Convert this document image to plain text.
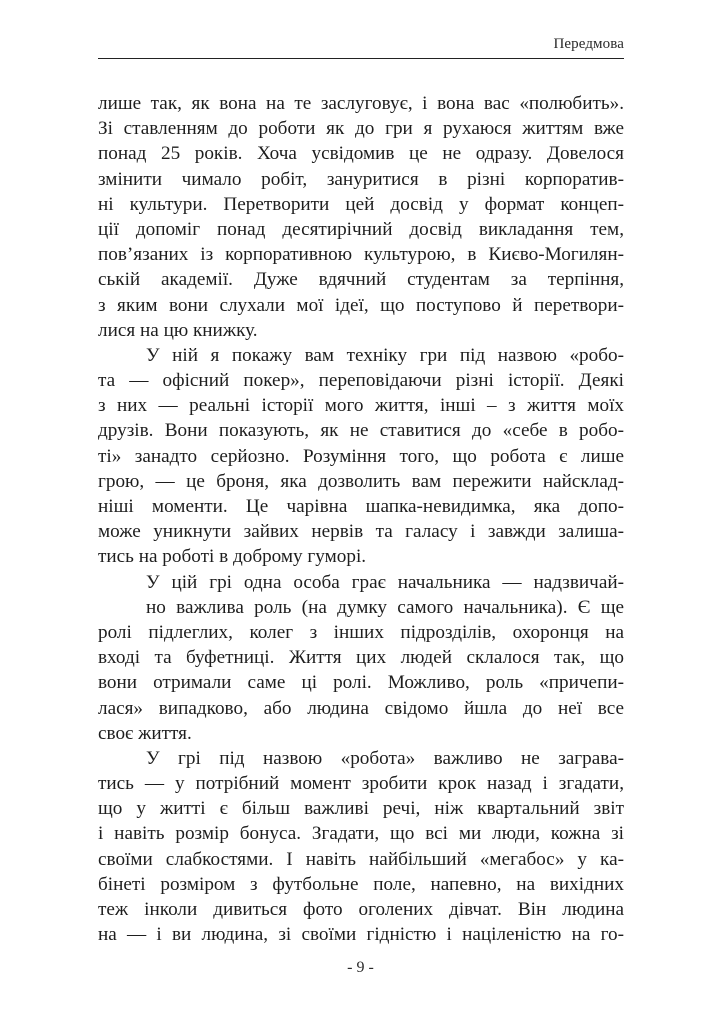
Передмова
лише так, як вона на те заслуговує, і вона вас «полюбить».
Зі ставленням до роботи як до гри я рухаюся життям вже
понад 25 років. Хоча усвідомив це не одразу. Довелося
змінити чимало робіт, зануритися в різні корпоратив-
ні культури. Перетворити цей досвід у формат концеп-
ції допоміг понад десятирічний досвід викладання тем,
пов’язаних із корпоративною культурою, в Києво-Могилян-
ській академії. Дуже вдячний студентам за терпіння,
з яким вони слухали мої ідеї, що поступово й перетвори-
лися на цю книжку.
У ній я покажу вам техніку гри під назвою «робо-
та — офісний покер», переповідаючи різні історії. Деякі
з них — реальні історії мого життя, інші – з життя моїх
друзів. Вони показують, як не ставитися до «себе в робо-
ті» занадто серйозно. Розуміння того, що робота є лише
грою, — це броня, яка дозволить вам пережити найсклад-
ніші моменти. Це чарівна шапка-невидимка, яка допо-
може уникнути зайвих нервів та галасу і завжди залиша-
тись на роботі в доброму гуморі.
У цій грі одна особа грає начальника — надзвичай-
но важлива роль (на думку самого начальника). Є ще
ролі підлеглих, колег з інших підрозділів, охоронця на
вході та буфетниці. Життя цих людей склалося так, що
вони отримали саме ці ролі. Можливо, роль «причепи-
лася» випадково, або людина свідомо йшла до неї все
своє життя.
У грі під назвою «робота» важливо не заграва-
тись — у потрібний момент зробити крок назад і згадати,
що у житті є більш важливі речі, ніж квартальний звіт
і навіть розмір бонуса. Згадати, що всі ми люди, кожна зі
своїми слабкостями. І навіть найбільший «мегабос» у ка-
бінеті розміром з футбольне поле, напевно, на вихідних
теж інколи дивиться фото оголених дівчат. Він людина
на — і ви людина, зі своїми гідністю і націленістю на го-
- 9 -
